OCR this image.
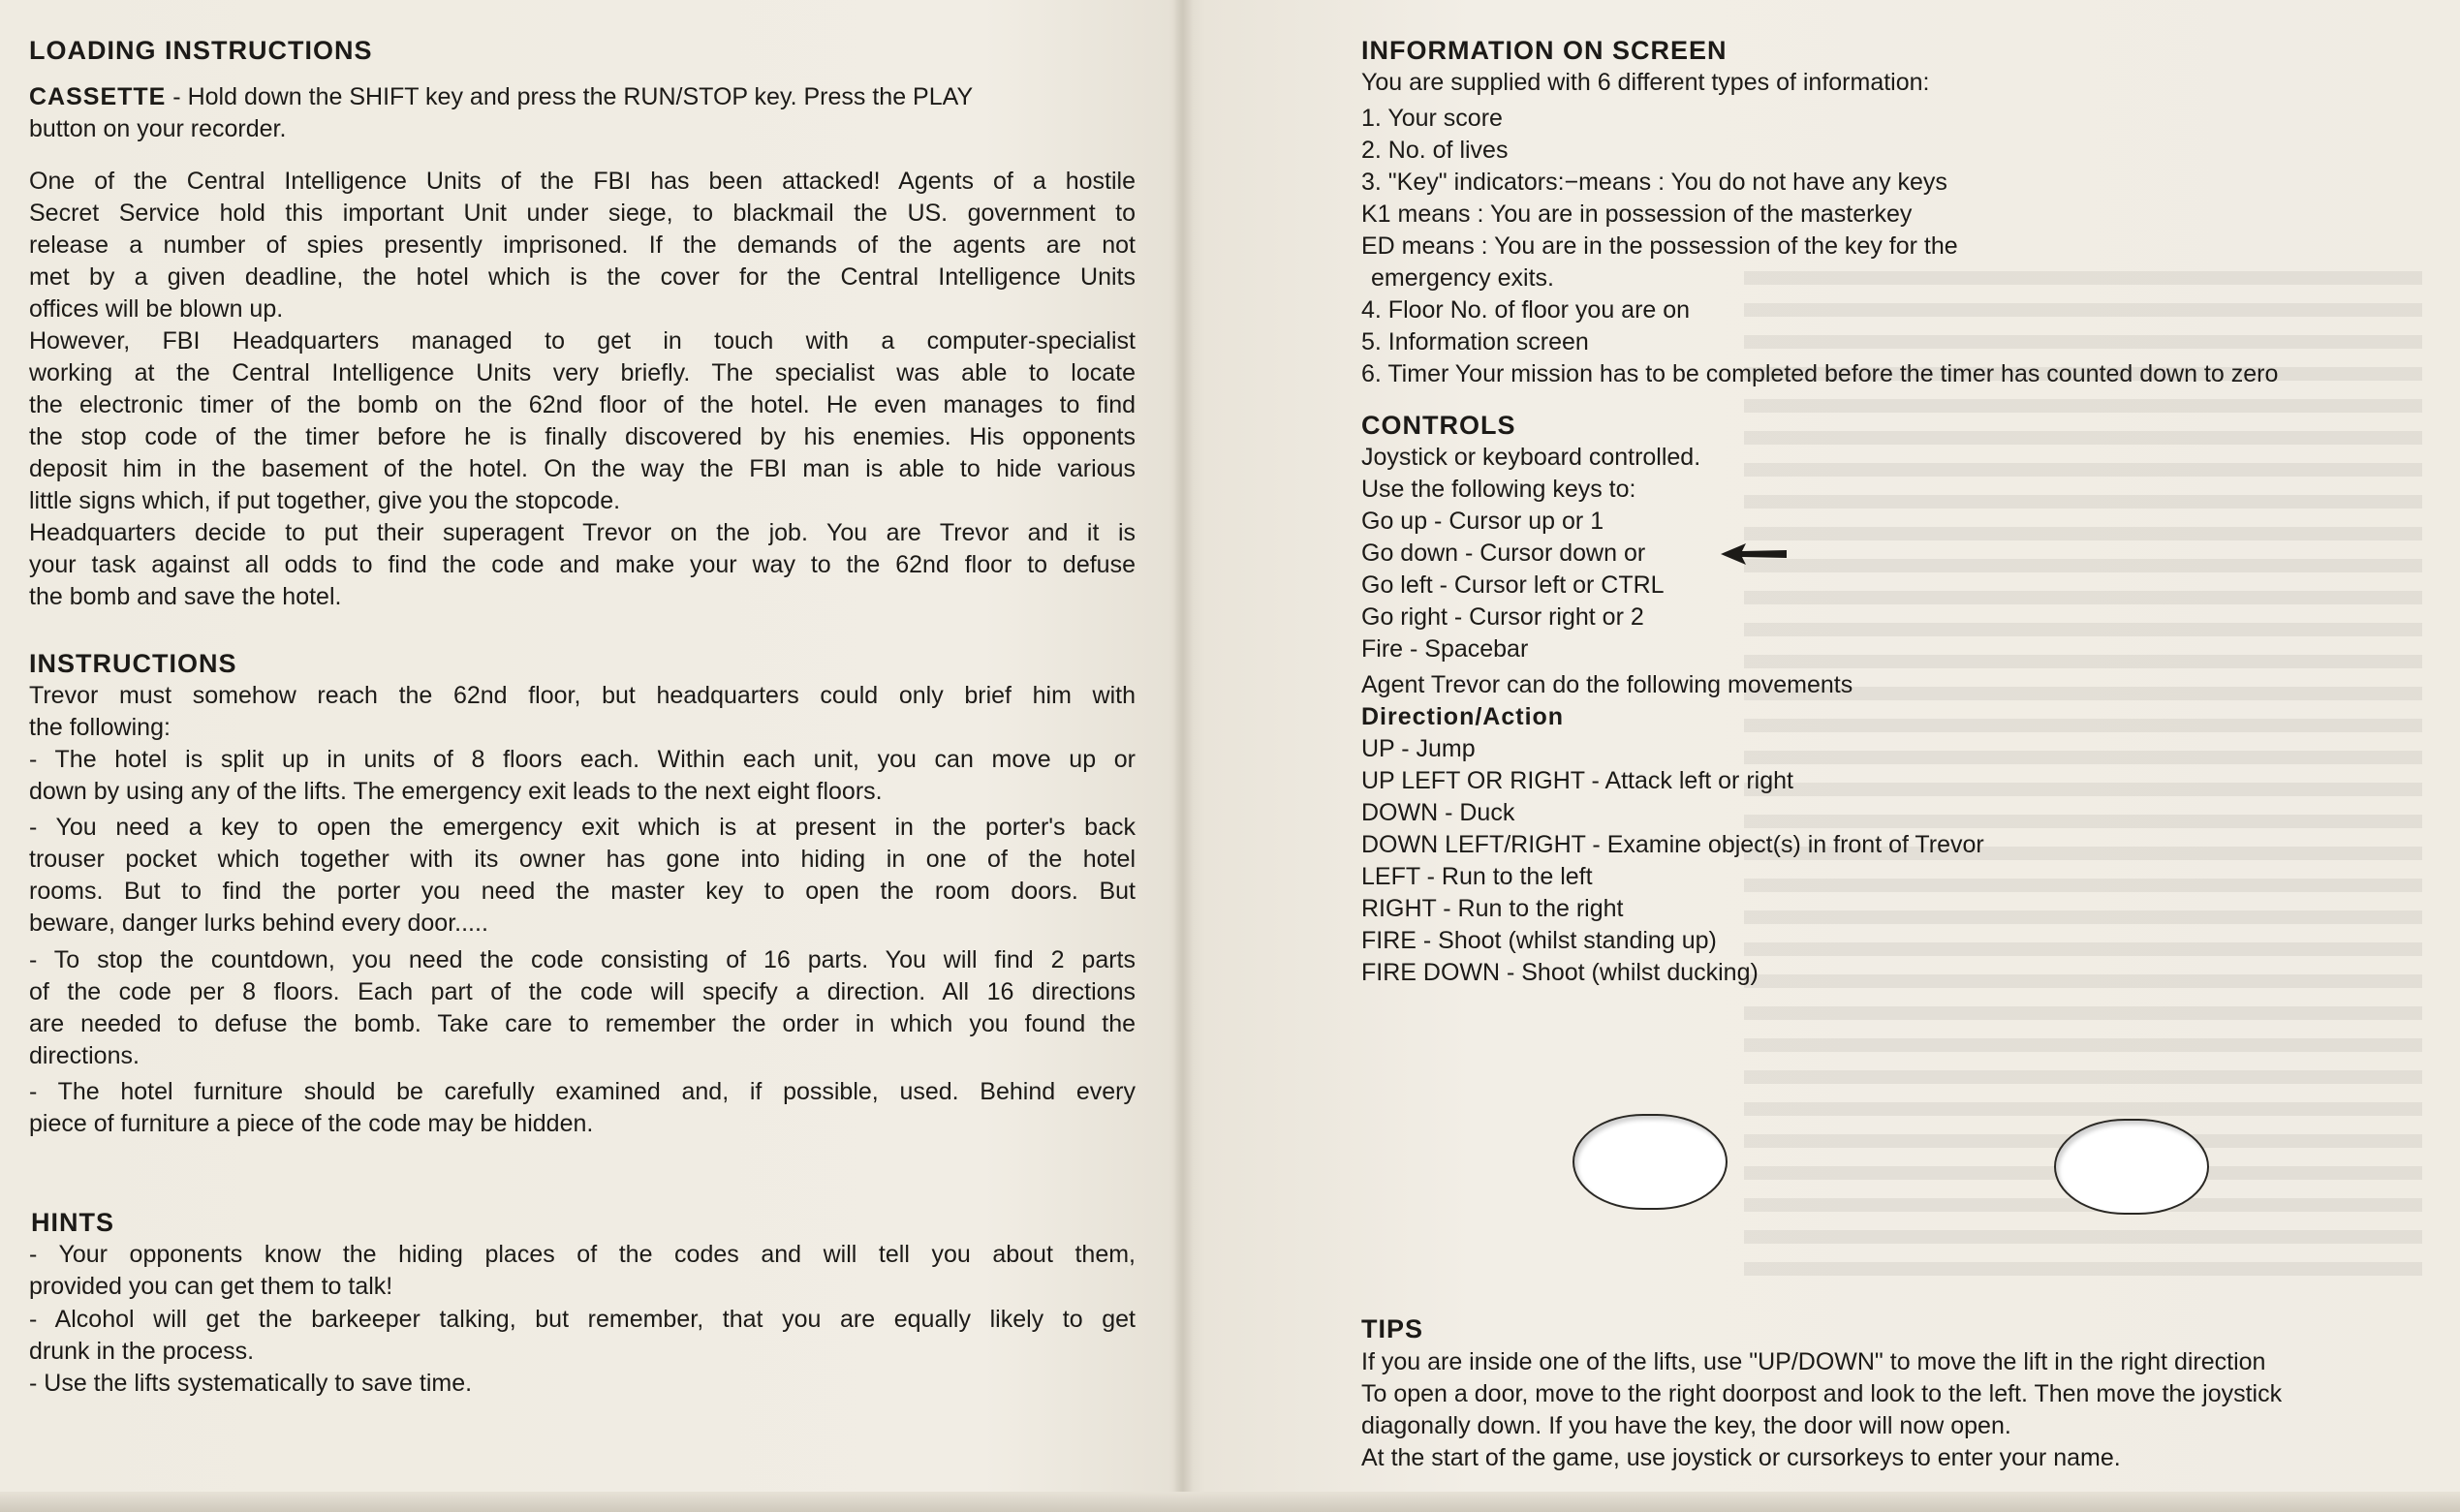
LOADING INSTRUCTIONS
CASSETTE - Hold down the SHIFT key and press the RUN/STOP key. Press the PLAY
button on your recorder.
One of the Central Intelligence Units of the FBI has been attacked! Agents of a hostile
Secret Service hold this important Unit under siege, to blackmail the US. government to
release a number of spies presently imprisoned. If the demands of the agents are not
met by a given deadline, the hotel which is the cover for the Central Intelligence Units
offices will be blown up.
However, FBI Headquarters managed to get in touch with a computer-specialist
working at the Central Intelligence Units very briefly. The specialist was able to locate
the electronic timer of the bomb on the 62nd floor of the hotel. He even manages to find
the stop code of the timer before he is finally discovered by his enemies. His opponents
deposit him in the basement of the hotel. On the way the FBI man is able to hide various
little signs which, if put together, give you the stopcode.
Headquarters decide to put their superagent Trevor on the job. You are Trevor and it is
your task against all odds to find the code and make your way to the 62nd floor to defuse
the bomb and save the hotel.
INSTRUCTIONS
Trevor must somehow reach the 62nd floor, but headquarters could only brief him with
the following:
- The hotel is split up in units of 8 floors each. Within each unit, you can move up or
down by using any of the lifts. The emergency exit leads to the next eight floors.
- You need a key to open the emergency exit which is at present in the porter's back
trouser pocket which together with its owner has gone into hiding in one of the hotel
rooms. But to find the porter you need the master key to open the room doors. But
beware, danger lurks behind every door.....
- To stop the countdown, you need the code consisting of 16 parts. You will find 2 parts
of the code per 8 floors. Each part of the code will specify a direction. All 16 directions
are needed to defuse the bomb. Take care to remember the order in which you found the
directions.
- The hotel furniture should be carefully examined and, if possible, used. Behind every
piece of furniture a piece of the code may be hidden.
HINTS
- Your opponents know the hiding places of the codes and will tell you about them,
provided you can get them to talk!
- Alcohol will get the barkeeper talking, but remember, that you are equally likely to get
drunk in the process.
- Use the lifts systematically to save time.
INFORMATION ON SCREEN
You are supplied with 6 different types of information:
1. Your score
2. No. of lives
3. "Key" indicators:−means : You do not have any keys
K1 means : You are in possession of the masterkey
ED means : You are in the possession of the key for the
emergency exits.
4. Floor No. of floor you are on
5. Information screen
6. Timer Your mission has to be completed before the timer has counted down to zero
CONTROLS
Joystick or keyboard controlled.
Use the following keys to:
Go up - Cursor up or 1
Go down - Cursor down or
Go left - Cursor left or CTRL
Go right - Cursor right or 2
Fire - Spacebar
Agent Trevor can do the following movements
Direction/Action
UP - Jump
UP LEFT OR RIGHT - Attack left or right
DOWN - Duck
DOWN LEFT/RIGHT - Examine object(s) in front of Trevor
LEFT - Run to the left
RIGHT - Run to the right
FIRE - Shoot (whilst standing up)
FIRE DOWN - Shoot (whilst ducking)
TIPS
If you are inside one of the lifts, use "UP/DOWN" to move the lift in the right direction
To open a door, move to the right doorpost and look to the left. Then move the joystick
diagonally down. If you have the key, the door will now open.
At the start of the game, use joystick or cursorkeys to enter your name.
